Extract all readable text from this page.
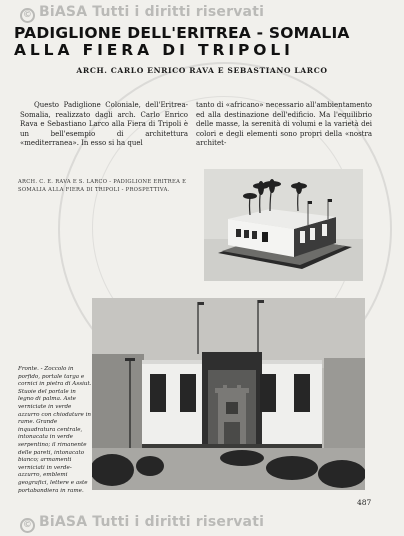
© BiASA Tutti i diritti riservati
PADIGLIONE DELL'ERITREA - SOMALIA
ALLA FIERA DI TRIPOLI
ARCH. CARLO ENRICO RAVA E SEBASTIANO LARCO
Questo Padiglione Coloniale, dell'Eritrea-Somalia, realizzato dagli arch. Carlo Enrico Rava e Sebastiano Larco alla Fiera di Tripoli è un bell'esempio di architettura «mediterranea». In esso si ha quel
tanto di «africano» necessario all'ambientamento ed alla destinazione dell'edificio. Ma l'equilibrio delle masse, la serenità di volumi e la varietà dei colori e degli elementi sono propri della «nostra architet-
ARCH. C. E. RAVA E S. LARCO - PADIGLIONE ERITREA E SOMALIA ALLA FIERA DI TRIPOLI - PROSPETTIVA.
Fronte. - Zoccolo in porfido, portale targa e cornici in pietra di Assiut. Stuoie del portale in legno di palma. Aste verniciate in verde azzurro con chiodature in rame. Grande inquadratura centrale, intonacata in verde serpentino; il rimanente delle pareti, intonacato bianco; armamenti verniciati in verde-azzurro, emblemi geografici, lettere e aste portabandiera in rame.
487
© BiASA Tutti i diritti riservati
